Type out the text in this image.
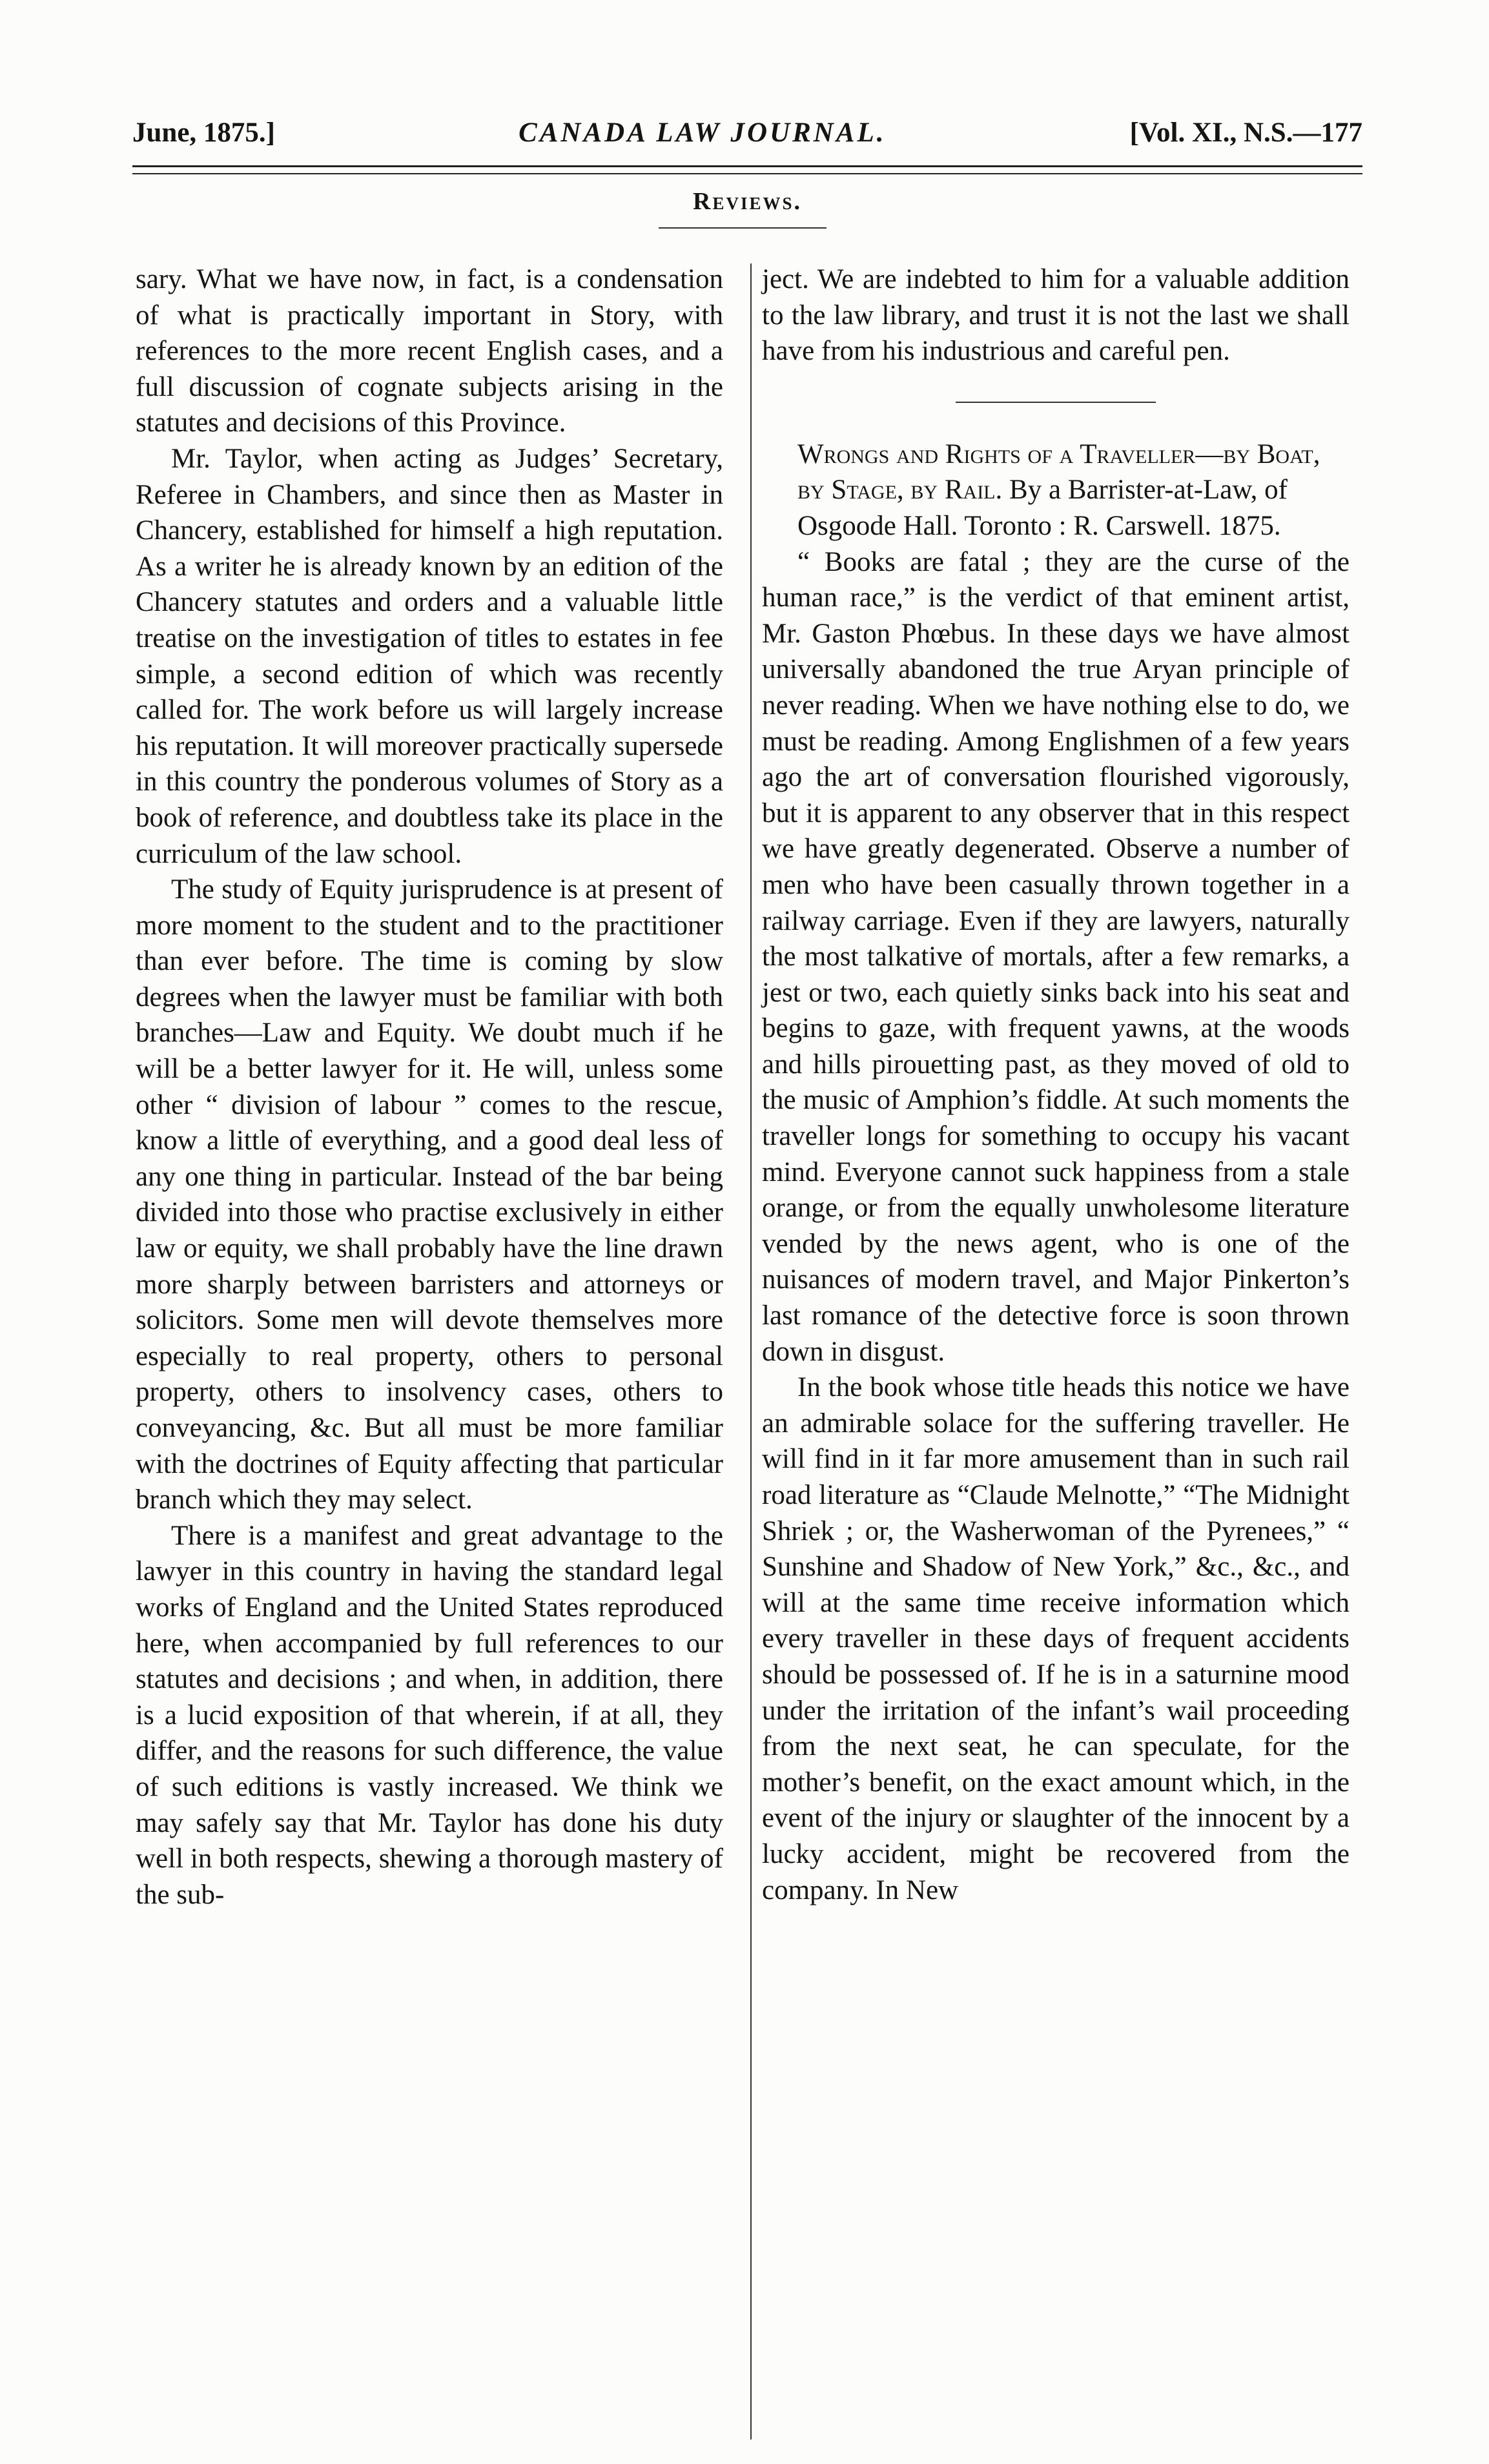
June, 1875.]	CANADA LAW JOURNAL.	[Vol. XI., N.S.—177
Reviews.

sary. What we have now, in fact, is a condensation of what is practically important in Story, with references to the more recent English cases, and a full discussion of cognate subjects arising in the statutes and decisions of this Province.

Mr. Taylor, when acting as Judges’ Secretary, Referee in Chambers, and since then as Master in Chancery, established for himself a high reputation. As a writer he is already known by an edition of the Chancery statutes and orders and a valuable little treatise on the investigation of titles to estates in fee simple, a second edition of which was recently called for. The work before us will largely increase his reputation. It will moreover practically supersede in this country the ponderous volumes of Story as a book of reference, and doubtless take its place in the curriculum of the law school.

The study of Equity jurisprudence is at present of more moment to the student and to the practitioner than ever before. The time is coming by slow degrees when the lawyer must be familiar with both branches—Law and Equity. We doubt much if he will be a better lawyer for it. He will, unless some other “ division of labour ” comes to the rescue, know a little of everything, and a good deal less of any one thing in particular. Instead of the bar being divided into those who practise exclusively in either law or equity, we shall probably have the line drawn more sharply between barristers and attorneys or solicitors. Some men will devote themselves more especially to real property, others to personal property, others to insolvency cases, others to conveyancing, &c. But all must be more familiar with the doctrines of Equity affecting that particular branch which they may select.

There is a manifest and great advantage to the lawyer in this country in having the standard legal works of England and the United States reproduced here, when accompanied by full references to our statutes and decisions ; and when, in addition, there is a lucid exposition of that wherein, if at all, they differ, and the reasons for such difference, the value of such editions is vastly increased. We think we may safely say that Mr. Taylor has done his duty well in both respects, shewing a thorough mastery of the sub-

ject. We are indebted to him for a valuable addition to the law library, and trust it is not the last we shall have from his industrious and careful pen.

Wrongs and Rights of a Traveller—by Boat, by Stage, by Rail. By a Barrister-at-Law, of Osgoode Hall. Toronto : R. Carswell. 1875.

“ Books are fatal ; they are the curse of the human race,” is the verdict of that eminent artist, Mr. Gaston Phœbus. In these days we have almost universally abandoned the true Aryan principle of never reading. When we have nothing else to do, we must be reading. Among Englishmen of a few years ago the art of conversation flourished vigorously, but it is apparent to any observer that in this respect we have greatly degenerated. Observe a number of men who have been casually thrown together in a railway carriage. Even if they are lawyers, naturally the most talkative of mortals, after a few remarks, a jest or two, each quietly sinks back into his seat and begins to gaze, with frequent yawns, at the woods and hills pirouetting past, as they moved of old to the music of Amphion’s fiddle. At such moments the traveller longs for something to occupy his vacant mind. Everyone cannot suck happiness from a stale orange, or from the equally unwholesome literature vended by the news agent, who is one of the nuisances of modern travel, and Major Pinkerton’s last romance of the detective force is soon thrown down in disgust.

In the book whose title heads this notice we have an admirable solace for the suffering traveller. He will find in it far more amusement than in such rail road literature as “Claude Melnotte,” “The Midnight Shriek ; or, the Washerwoman of the Pyrenees,” “ Sunshine and Shadow of New York,” &c., &c., and will at the same time receive information which every traveller in these days of frequent accidents should be possessed of. If he is in a saturnine mood under the irritation of the infant’s wail proceeding from the next seat, he can speculate, for the mother’s benefit, on the exact amount which, in the event of the injury or slaughter of the innocent by a lucky accident, might be recovered from the company. In New
